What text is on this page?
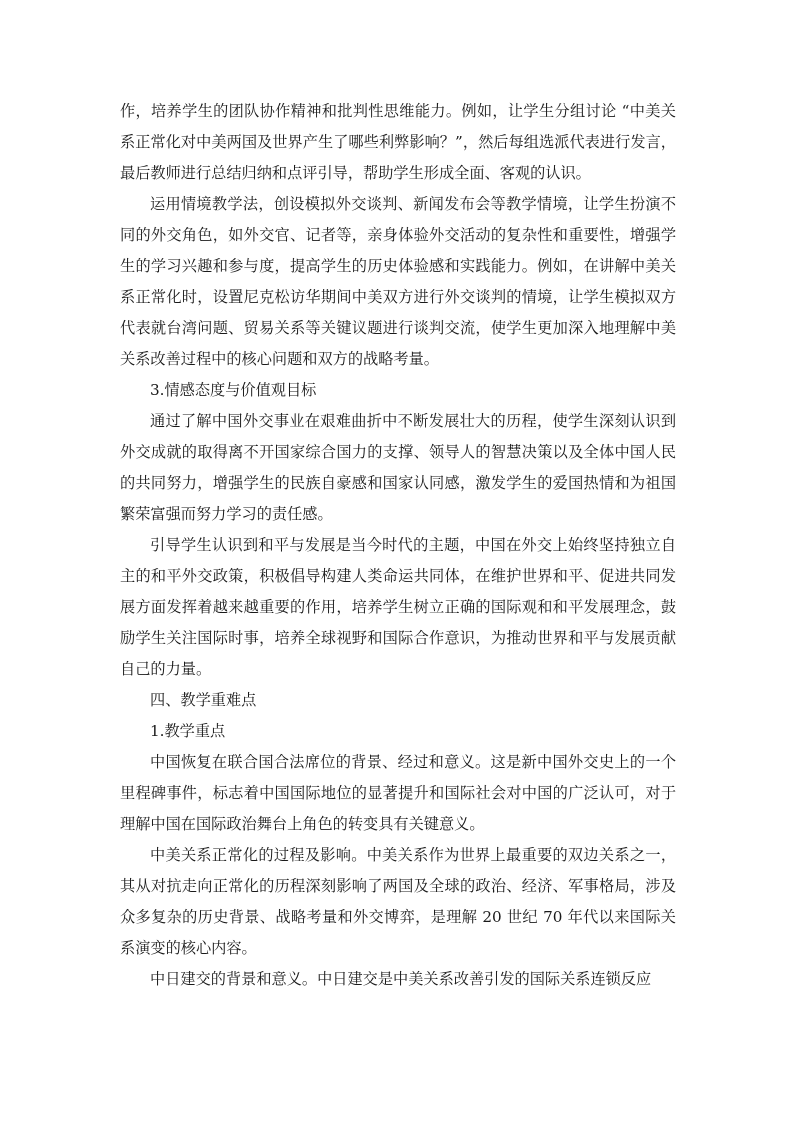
作，培养学生的团队协作精神和批判性思维能力。例如，让学生分组讨论 “中美关系正常化对中美两国及世界产生了哪些利弊影响？”，然后每组选派代表进行发言，最后教师进行总结归纳和点评引导，帮助学生形成全面、客观的认识。

运用情境教学法，创设模拟外交谈判、新闻发布会等教学情境，让学生扮演不同的外交角色，如外交官、记者等，亲身体验外交活动的复杂性和重要性，增强学生的学习兴趣和参与度，提高学生的历史体验感和实践能力。例如，在讲解中美关系正常化时，设置尼克松访华期间中美双方进行外交谈判的情境，让学生模拟双方代表就台湾问题、贸易关系等关键议题进行谈判交流，使学生更加深入地理解中美关系改善过程中的核心问题和双方的战略考量。

3.情感态度与价值观目标

通过了解中国外交事业在艰难曲折中不断发展壮大的历程，使学生深刻认识到外交成就的取得离不开国家综合国力的支撑、领导人的智慧决策以及全体中国人民的共同努力，增强学生的民族自豪感和国家认同感，激发学生的爱国热情和为祖国繁荣富强而努力学习的责任感。

引导学生认识到和平与发展是当今时代的主题，中国在外交上始终坚持独立自主的和平外交政策，积极倡导构建人类命运共同体，在维护世界和平、促进共同发展方面发挥着越来越重要的作用，培养学生树立正确的国际观和和平发展理念，鼓励学生关注国际时事，培养全球视野和国际合作意识，为推动世界和平与发展贡献自己的力量。

四、教学重难点

1.教学重点

中国恢复在联合国合法席位的背景、经过和意义。这是新中国外交史上的一个里程碑事件，标志着中国国际地位的显著提升和国际社会对中国的广泛认可，对于理解中国在国际政治舞台上角色的转变具有关键意义。

中美关系正常化的过程及影响。中美关系作为世界上最重要的双边关系之一，其从对抗走向正常化的历程深刻影响了两国及全球的政治、经济、军事格局，涉及众多复杂的历史背景、战略考量和外交博弈，是理解 20 世纪 70 年代以来国际关系演变的核心内容。

中日建交的背景和意义。中日建交是中美关系改善引发的国际关系连锁反应
